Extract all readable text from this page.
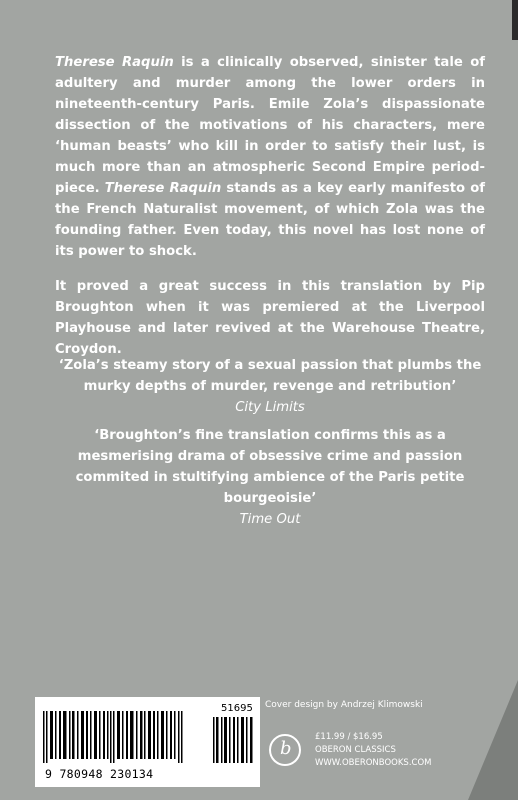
Therese Raquin is a clinically observed, sinister tale of adultery and murder among the lower orders in nineteenth-century Paris. Emile Zola’s dispassionate dissection of the motivations of his characters, mere ‘human beasts’ who kill in order to satisfy their lust, is much more than an atmospheric Second Empire period-piece. Therese Raquin stands as a key early manifesto of the French Naturalist movement, of which Zola was the founding father. Even today, this novel has lost none of its power to shock.

It proved a great success in this translation by Pip Broughton when it was premiered at the Liverpool Playhouse and later revived at the Warehouse Theatre, Croydon.

‘Zola’s steamy story of a sexual passion that plumbs the murky depths of murder, revenge and retribution’
City Limits
‘Broughton’s fine translation confirms this as a mesmerising drama of obsessive crime and passion commited in stultifying ambience of the Paris petite bourgeoisie’
Time Out
51695
9 780948 230134
Cover design by Andrzej Klimowski
b
£11.99 / $16.95
OBERON CLASSICS
WWW.OBERONBOOKS.COM
